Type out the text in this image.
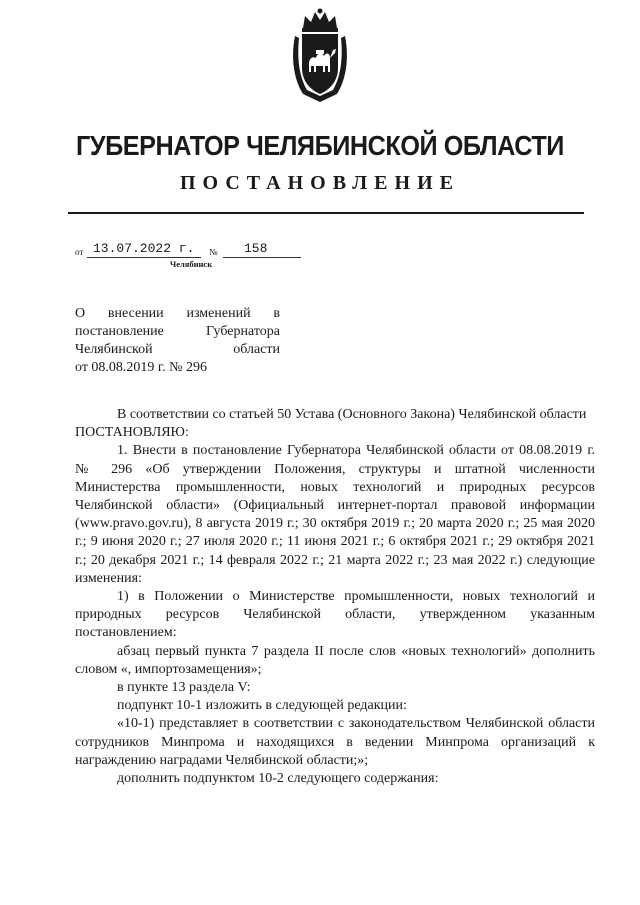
ГУБЕРНАТОР ЧЕЛЯБИНСКОЙ ОБЛАСТИ
ПОСТАНОВЛЕНИЕ
от 13.07.2022 г. № 158
Челябинск
О внесении изменений в
постановление Губернатора
Челябинской области
от 08.08.2019 г. № 296
В соответствии со статьей 50 Устава (Основного Закона) Челябинской области
ПОСТАНОВЛЯЮ:
1. Внести в постановление Губернатора Челябинской области от 08.08.2019 г. № 296 «Об утверждении Положения, структуры и штатной численности Министерства промышленности, новых технологий и природных ресурсов Челябинской области» (Официальный интернет-портал правовой информации (www.pravo.gov.ru), 8 августа 2019 г.; 30 октября 2019 г.; 20 марта 2020 г.; 25 мая 2020 г.; 9 июня 2020 г.; 27 июля 2020 г.; 11 июня 2021 г.; 6 октября 2021 г.; 29 октября 2021 г.; 20 декабря 2021 г.; 14 февраля 2022 г.; 21 марта 2022 г.; 23 мая 2022 г.) следующие изменения:
1) в Положении о Министерстве промышленности, новых технологий и природных ресурсов Челябинской области, утвержденном указанным постановлением:
абзац первый пункта 7 раздела II после слов «новых технологий» дополнить словом «, импортозамещения»;
в пункте 13 раздела V:
подпункт 10-1 изложить в следующей редакции:
«10-1) представляет в соответствии с законодательством Челябинской области сотрудников Минпрома и находящихся в ведении Минпрома организаций к награждению наградами Челябинской области;»;
дополнить подпунктом 10-2 следующего содержания:
